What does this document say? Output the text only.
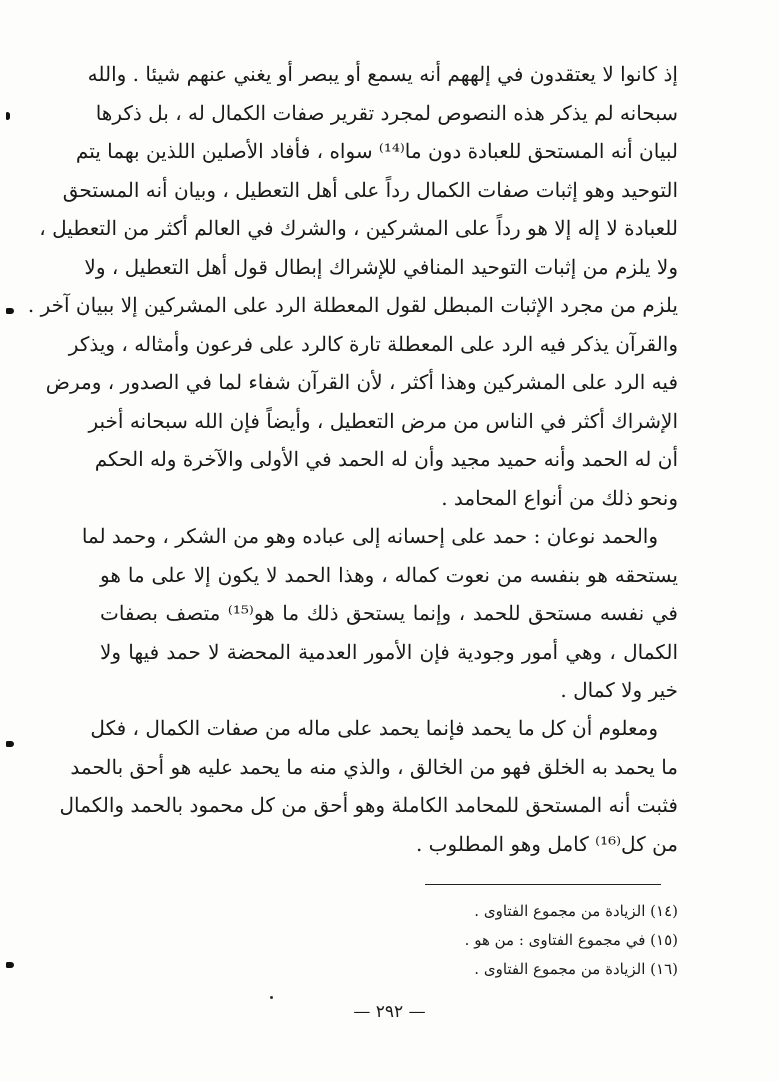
إذ كانوا لا يعتقدون في إلههم أنه يسمع أو يبصر أو يغني عنهم شيئا . والله
سبحانه لم يذكر هذه النصوص لمجرد تقرير صفات الكمال له ، بل ذكرها
لبيان أنه المستحق للعبادة دون ما⁽¹⁴⁾ سواه ، فأفاد الأصلين اللذين بهما يتم
التوحيد وهو إثبات صفات الكمال رداً على أهل التعطيل ، وبيان أنه المستحق
للعبادة لا إله إلا هو رداً على المشركين ، والشرك في العالم أكثر من التعطيل ،
ولا يلزم من إثبات التوحيد المنافي للإشراك إبطال قول أهل التعطيل ، ولا
يلزم من مجرد الإثبات المبطل لقول المعطلة الرد على المشركين إلا ببيان آخر .
والقرآن يذكر فيه الرد على المعطلة تارة كالرد على فرعون وأمثاله ، ويذكر
فيه الرد على المشركين وهذا أكثر ، لأن القرآن شفاء لما في الصدور ، ومرض
الإشراك أكثر في الناس من مرض التعطيل ، وأيضاً فإن الله سبحانه أخبر
أن له الحمد وأنه حميد مجيد وأن له الحمد في الأولى والآخرة وله الحكم
ونحو ذلك من أنواع المحامد .
والحمد نوعان : حمد على إحسانه إلى عباده وهو من الشكر ، وحمد لما
يستحقه هو بنفسه من نعوت كماله ، وهذا الحمد لا يكون إلا على ما هو
في نفسه مستحق للحمد ، وإنما يستحق ذلك ما هو⁽¹⁵⁾ متصف بصفات
الكمال ، وهي أمور وجودية فإن الأمور العدمية المحضة لا حمد فيها ولا
خير ولا كمال .
ومعلوم أن كل ما يحمد فإنما يحمد على ماله من صفات الكمال ، فكل
ما يحمد به الخلق فهو من الخالق ، والذي منه ما يحمد عليه هو أحق بالحمد
فثبت أنه المستحق للمحامد الكاملة وهو أحق من كل محمود بالحمد والكمال
من كل⁽¹⁶⁾ كامل وهو المطلوب .
(١٤) الزيادة من مجموع الفتاوى .
(١٥) في مجموع الفتاوى : من هو .
(١٦) الزيادة من مجموع الفتاوى .
— ٢٩٢ —
